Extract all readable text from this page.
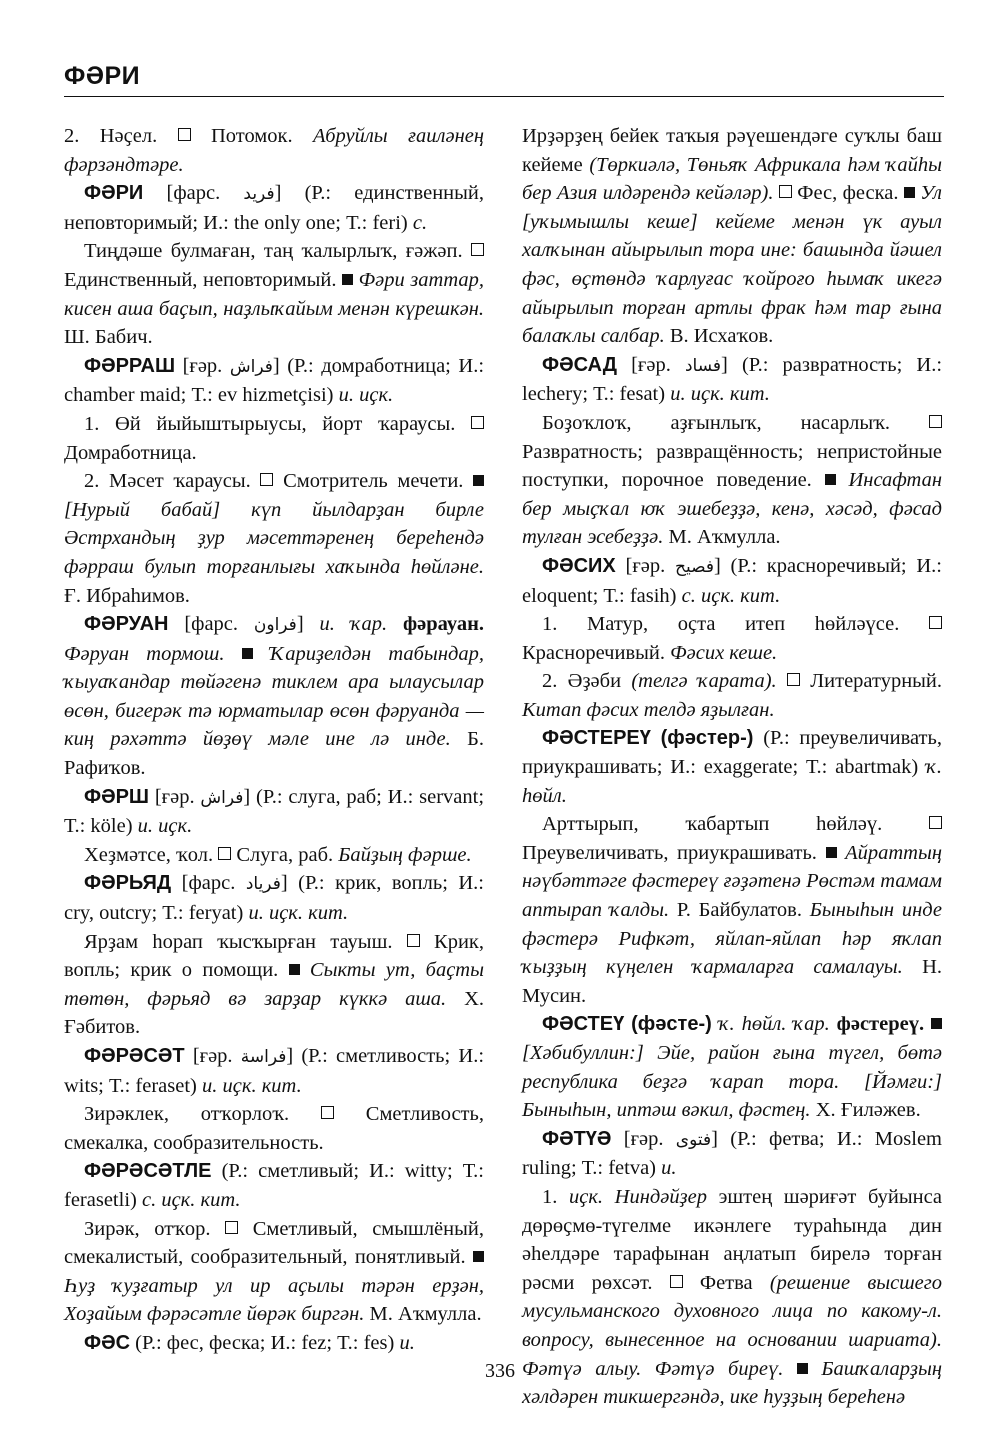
ФӘРИ

2. Нәҫел.	Потомок. Абруйлы ғаиләнең фәрзәндтәре.

ФӘРИ [фарс. فريد] (Р.: единственный, неповторимый; И.: the only one; Т.: feri) с.

Тиңдәше булмаған, таң ҡалырлыҡ, ғәжәп.  Единственный, неповторимый. Фәри заттар, кисен аша баҫып, наҙлыҡайым менән күрешкән. Ш. Бабич.

ФӘРРАШ [ғәр. فراش] (Р.: домработница; И.: chamber maid; Т.: ev hizmetçisi) и. иҫк.

1. Өй йыйыштырыусы, йорт ҡараусы.  Домработница.

2. Мәсет ҡараусы. Смотритель мечети.  [Нурый бабай] күп йылдарҙан бирле Әстрхандың ҙур мәсеттәренең береһендә фәрраш булып торғанлығы хаҡында һөйләне. Ғ. Ибраһимов.

ФӘРУАН [фарс. فراون] и. ҡар. фәрауан. Фәруан тормош. Ҡариҙелдән табындар, ҡыуаҡандар төйәгенә тиклем ара ылаусылар өсөн, бигерәк тә юрматылар өсөн фәруанда — киң рәхәттә йөҙөү мәле ине лә инде. Б. Рафиҡов.

ФӘРШ [ғәр. فراش] (Р.: слуга, раб; И.: servant; Т.: köle) и. иҫк.

Хеҙмәтсе, ҡол. Слуга, раб. Байҙың фәрше.

ФӘРЬЯД [фарс. فرياد] (Р.: крик, вопль; И.: cry, outcry; Т.: feryat) и. иҫк. кит.

Ярҙам һорап ҡысҡырған тауыш. Крик, вопль; крик о помощи. Сыкты ут, баҫты төтөн, фәрьяд вә зарҙар күккә аша. Х. Ғәбитов.

ФӘРӘСӘТ [ғәр. فراسة] (Р.: сметливость; И.: wits; Т.: feraset) и. иҫк. кит.

Зирәклек, отҡорлоҡ.	Сметливость, смекалка, сообразительность.

ФӘРӘСӘТЛЕ (Р.: сметливый; И.: witty; Т.: ferasetli) с. иҫк. кит.

Зирәк, отҡор. Сметливый, смышлёный, смекалистый, сообразительный, понятливый.  Һуҙ ҡуҙғатыр ул ир аҫылы тәрән ерҙән, Хоҙайым фәрәсәтле йөрәк биргән. М. Аҡмулла.

ФӘС (Р.: фес, феска; И.: fez; Т.: fes) и.

Ирҙәрҙең бейек таҡыя рәүешендәге суҡлы баш кейеме (Төркиәлә, Төньяҡ Африкала һәм ҡайһы бер Азия илдәрендә кейәләр). Фес, феска. Ул [уҡымышлы кеше] кейеме менән үк ауыл халҡынан айырылып тора ине: башында йәшел фәс, өҫтөндә ҡарлуғас ҡойроғо һымаҡ икегә айырылып торған артлы фрак һәм тар ғына балаҡлы салбар. В. Исхаҡов.

ФӘСАД [ғәр. فساد] (Р.: развратность; И.: lechery; Т.: fesat) и. иҫк. кит.

Боҙоҡлоҡ, аҙғынлыҡ, насарлыҡ.  Развратность; развращённость; непристойные поступки, порочное поведение. Инсафтан бер мыҫҡал юҡ эшебеҙҙә, кенә, хәсәд, фәсад тулған эсебеҙҙә. М. Аҡмулла.

ФӘСИХ [ғәр. فصيح] (Р.: красноречивый; И.: eloquent; Т.: fasih) с. иҫк. кит.

1. Матур, оҫта итеп һөйләүсе.  Красноречивый. Фәсих кеше.

2. Әҙәби (телгә ҡарата). Литературный. Китап фәсих телдә яҙылған.

ФӘСТЕРЕҮ (фәстер-) (Р.: преувеличивать, приукрашивать; И.: exaggerate; Т.: abartmak) ҡ. һөйл.

Арттырып, ҡабартып һөйләү.  Преувеличивать, приукрашивать. Айраттың нәүбәттәге фәстереү ғәҙәтенә Рөстәм тамам аптырап ҡалды. Р. Байбулатов. Быныһын инде фәстерә Рифкәт, яйлап-яйлап һәр яҡлап ҡыҙҙың күңелен ҡармаларға самалауы. Н. Мусин.

ФӘСТЕҮ (фәсте-) ҡ. һөйл. ҡар. фәстереү.  [Хәбибуллин:] Эйе, район ғына түгел, бөтә республика беҙгә ҡарап тора. [Йәмғи:] Быныһын, иптәш вәкил, фәстең. Х. Ғиләжев.

ФӘТҮӘ [ғәр. فتوى] (Р.: фетва; И.: Moslem ruling; Т.: fetva) и.

1. иҫк. Ниндәйҙер эштең шәриғәт буйынса дөрөҫмө-түгелме икәнлеге тураһында дин әһелдәре тарафынан аңлатып бирелә торған рәсми рөхсәт. Фетва (решение высшего мусульманского духовного лица по какому-л. вопросу, вынесенное на основании шариата). Фәтүә алыу. Фәтүә биреү. Башҡаларҙың хәлдәрен тикшергәндә, ике һуҙҙың береһенә

336
